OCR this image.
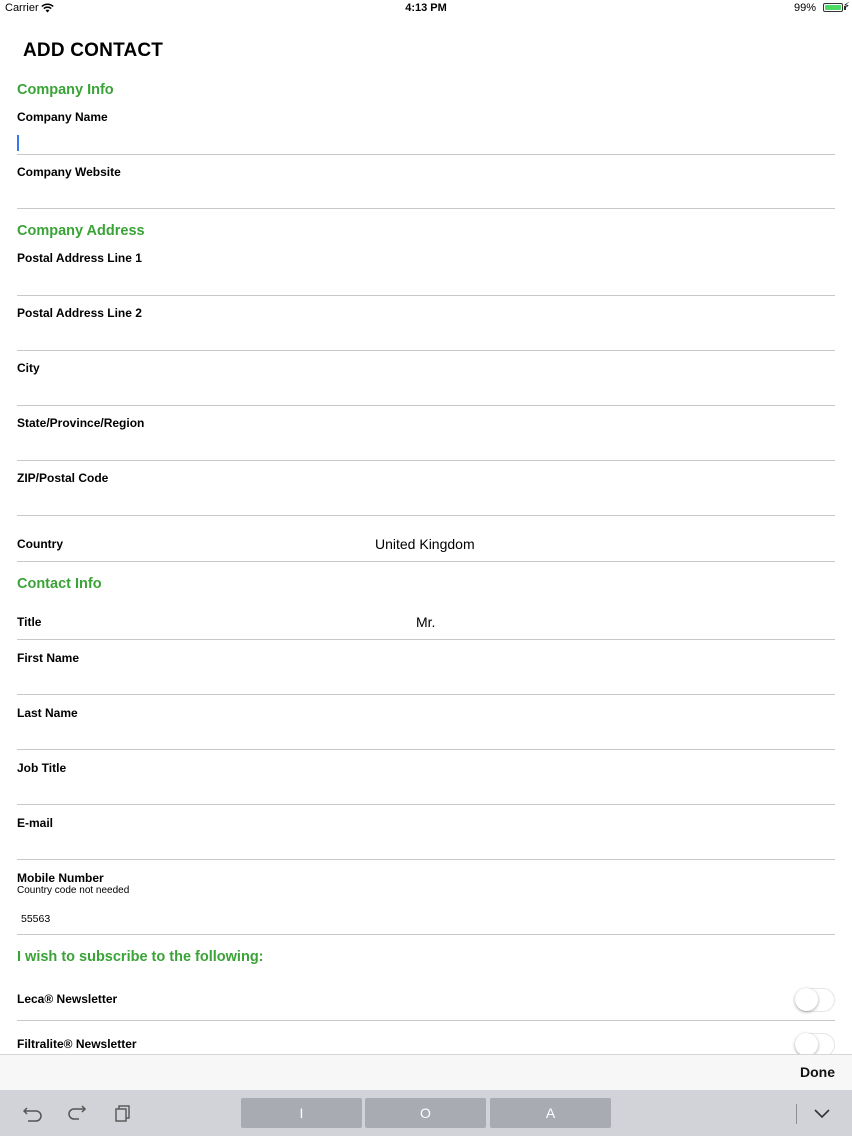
Carrier	4:13 PM	99%	⚡
ADD CONTACT
Company Info
Company Name
Company Website
Company Address
Postal Address Line 1
Postal Address Line 2
City
State/Province/Region
ZIP/Postal Code
Country	United Kingdom
Contact Info
Title	Mr.
First Name
Last Name
Job Title
E-mail
Mobile Number
Country code not needed
55563
I wish to subscribe to the following:
Leca® Newsletter
Filtralite® Newsletter
Done
I	O	A
